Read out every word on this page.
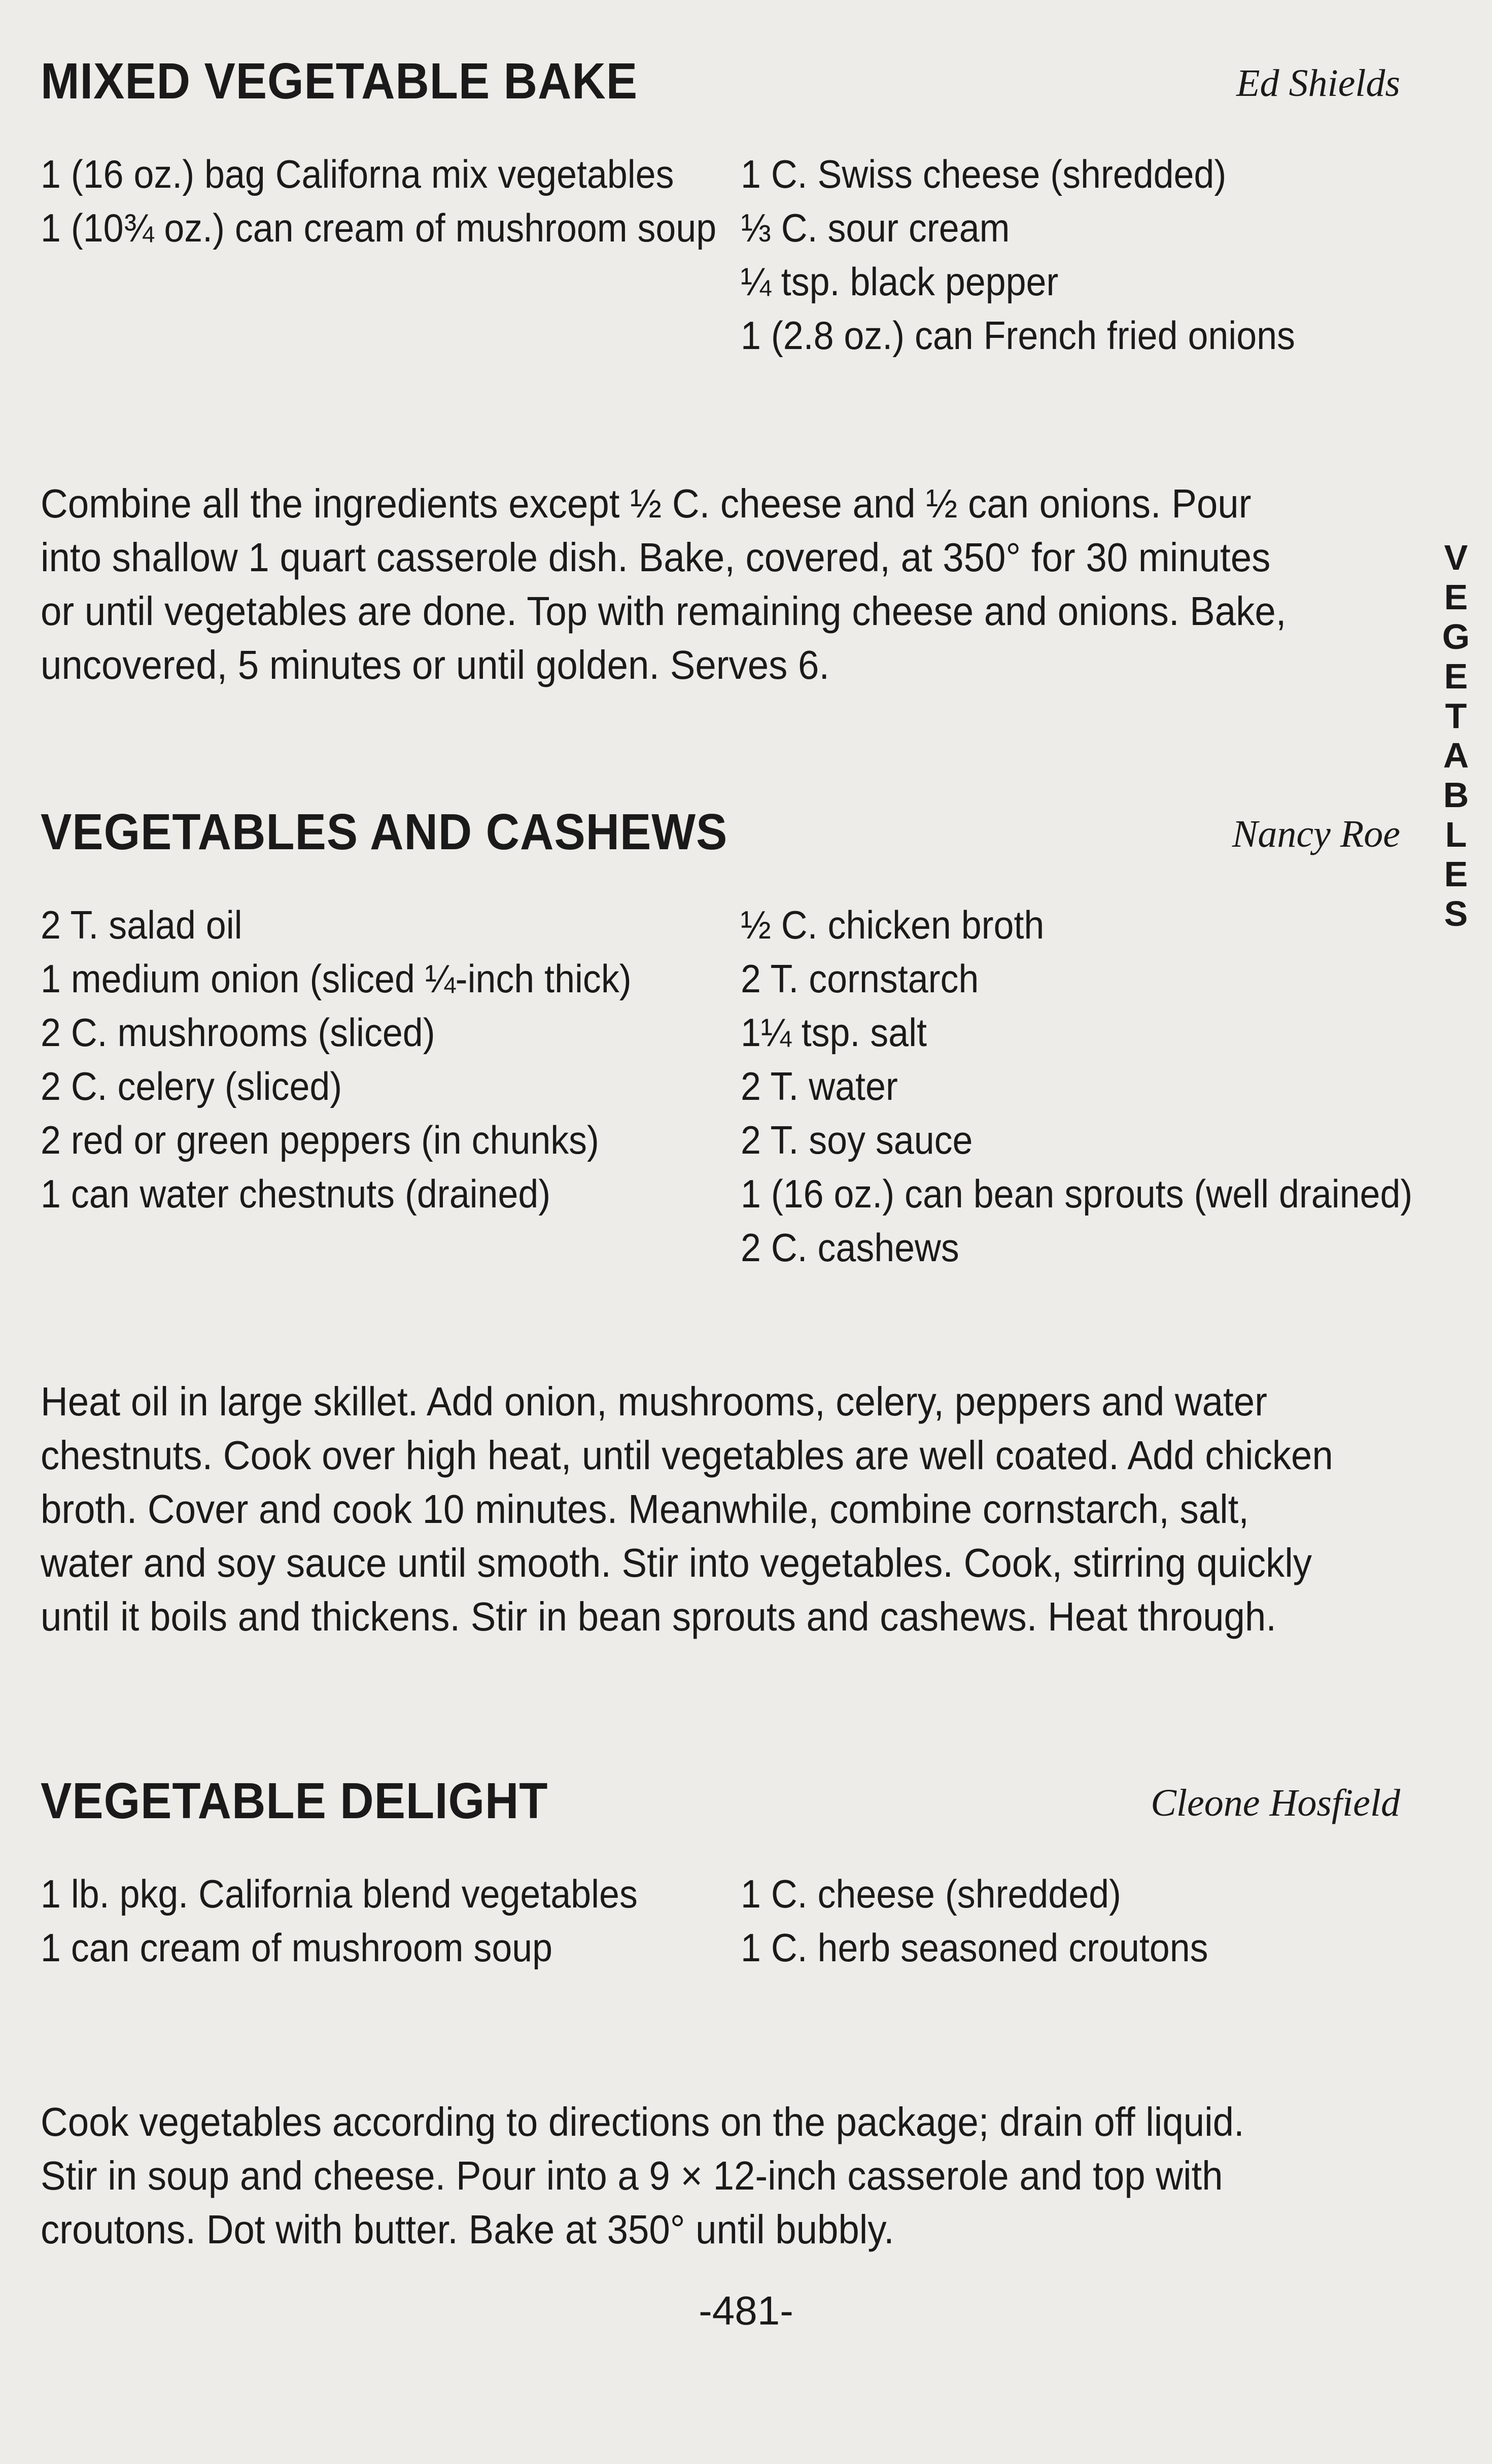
MIXED VEGETABLE BAKE	Ed Shields
1 (16 oz.) bag Californa mix vegetables
1 (10¾ oz.) can cream of mushroom soup
1 C. Swiss cheese (shredded)
⅓ C. sour cream
¼ tsp. black pepper
1 (2.8 oz.) can French fried onions
Combine all the ingredients except ½ C. cheese and ½ can onions. Pour
into shallow 1 quart casserole dish. Bake, covered, at 350° for 30 minutes
or until vegetables are done. Top with remaining cheese and onions. Bake,
uncovered, 5 minutes or until golden. Serves 6.
VEGETABLES AND CASHEWS	Nancy Roe
2 T. salad oil
1 medium onion (sliced ¼-inch thick)
2 C. mushrooms (sliced)
2 C. celery (sliced)
2 red or green peppers (in chunks)
1 can water chestnuts (drained)
½ C. chicken broth
2 T. cornstarch
1¼ tsp. salt
2 T. water
2 T. soy sauce
1 (16 oz.) can bean sprouts (well drained)
2 C. cashews
Heat oil in large skillet. Add onion, mushrooms, celery, peppers and water
chestnuts. Cook over high heat, until vegetables are well coated. Add chicken
broth. Cover and cook 10 minutes. Meanwhile, combine cornstarch, salt,
water and soy sauce until smooth. Stir into vegetables. Cook, stirring quickly
until it boils and thickens. Stir in bean sprouts and cashews. Heat through.
VEGETABLE DELIGHT	Cleone Hosfield
1 lb. pkg. California blend vegetables
1 can cream of mushroom soup
1 C. cheese (shredded)
1 C. herb seasoned croutons
Cook vegetables according to directions on the package; drain off liquid.
Stir in soup and cheese. Pour into a 9 × 12-inch casserole and top with
croutons. Dot with butter. Bake at 350° until bubbly.
V
E
G
E
T
A
B
L
E
S
-481-
